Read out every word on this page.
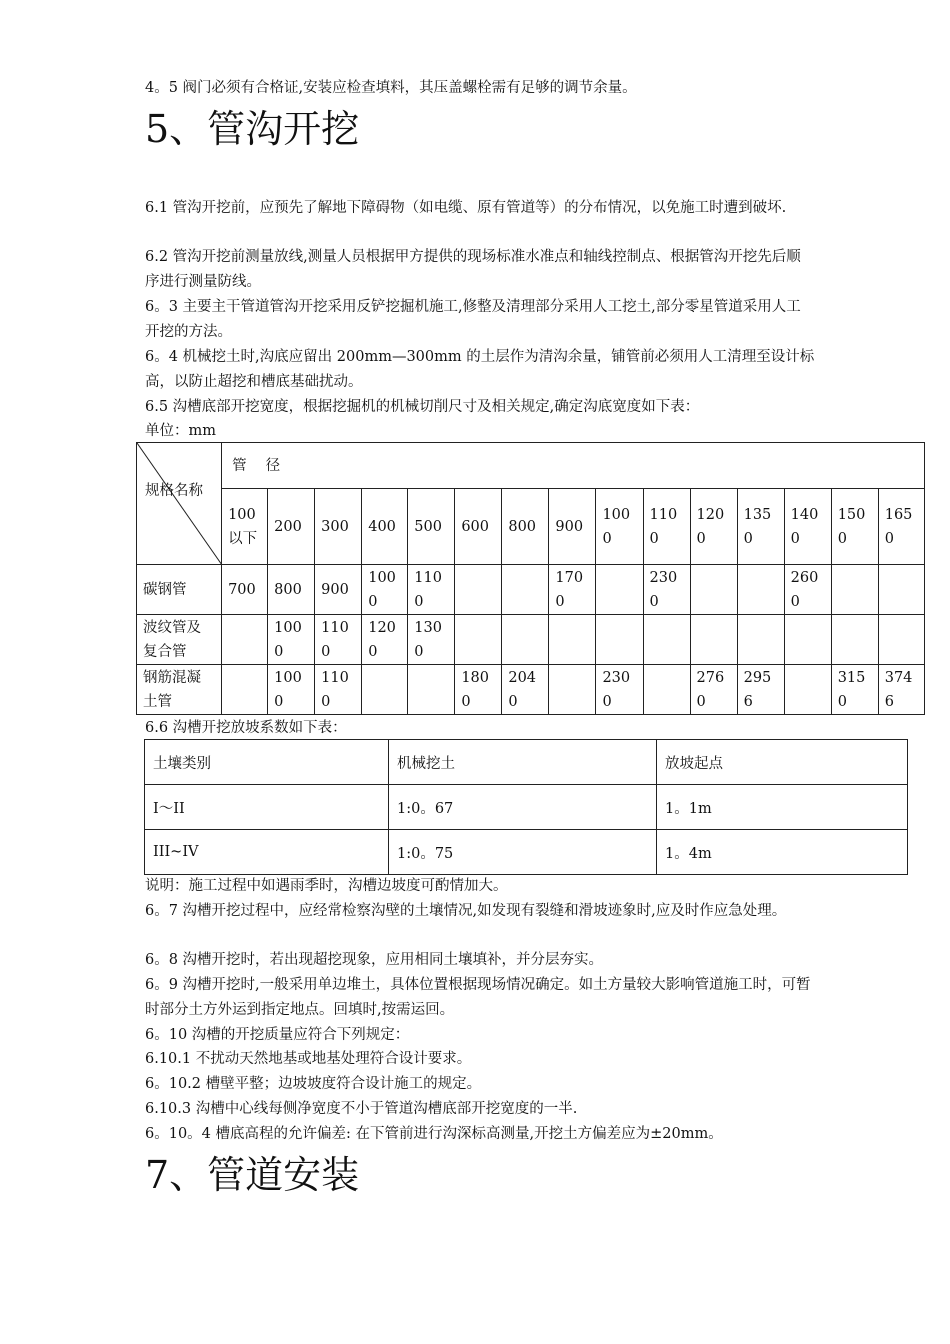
4。5 阀门必须有合格证,安装应检查填料，其压盖螺栓需有足够的调节余量。

5、管沟开挖

6.1 管沟开挖前，应预先了解地下障碍物（如电缆、原有管道等）的分布情况，以免施工时遭到破坏.

6.2 管沟开挖前测量放线,测量人员根据甲方提供的现场标准水准点和轴线控制点、根据管沟开挖先后顺序进行测量防线。

6。3 主要主干管道管沟开挖采用反铲挖掘机施工,修整及清理部分采用人工挖土,部分零星管道采用人工开挖的方法。

6。4 机械挖土时,沟底应留出 200mm—300mm 的土层作为清沟余量，铺管前必须用人工清理至设计标高，以防止超挖和槽底基础扰动。

6.5 沟槽底部开挖宽度，根据挖掘机的机械切削尺寸及相关规定,确定沟底宽度如下表：

单位：mm

规格名称	管　 径														
	100以下	200	300	400	500	600	800	900	1000	1100	1200	1350	1400	1500	1650
碳钢管	700	800	900	1000	1100			1700		2300			2600		
波纹管及复合管		1000	1100	1200	1300										
钢筋混凝土管		1000	1100			1800	2040		2300		2760	2956		3150	3746

6.6 沟槽开挖放坡系数如下表：

土壤类别	机械挖土	放坡起点
I～II	1:0。67	1。1m
III~IV	1:0。75	1。4m

说明：施工过程中如遇雨季时，沟槽边坡度可酌情加大。

6。7 沟槽开挖过程中，应经常检察沟壁的土壤情况,如发现有裂缝和滑坡迹象时,应及时作应急处理。

6。8 沟槽开挖时，若出现超挖现象，应用相同土壤填补，并分层夯实。

6。9 沟槽开挖时,一般采用单边堆土，具体位置根据现场情况确定。如土方量较大影响管道施工时，可暂时部分土方外运到指定地点。回填时,按需运回。

6。10 沟槽的开挖质量应符合下列规定：

6.10.1 不扰动天然地基或地基处理符合设计要求。

6。10.2 槽壁平整；边坡坡度符合设计施工的规定。

6.10.3 沟槽中心线每侧净宽度不小于管道沟槽底部开挖宽度的一半.

6。10。4 槽底高程的允许偏差: 在下管前进行沟深标高测量,开挖土方偏差应为±20mm。

7、管道安装
